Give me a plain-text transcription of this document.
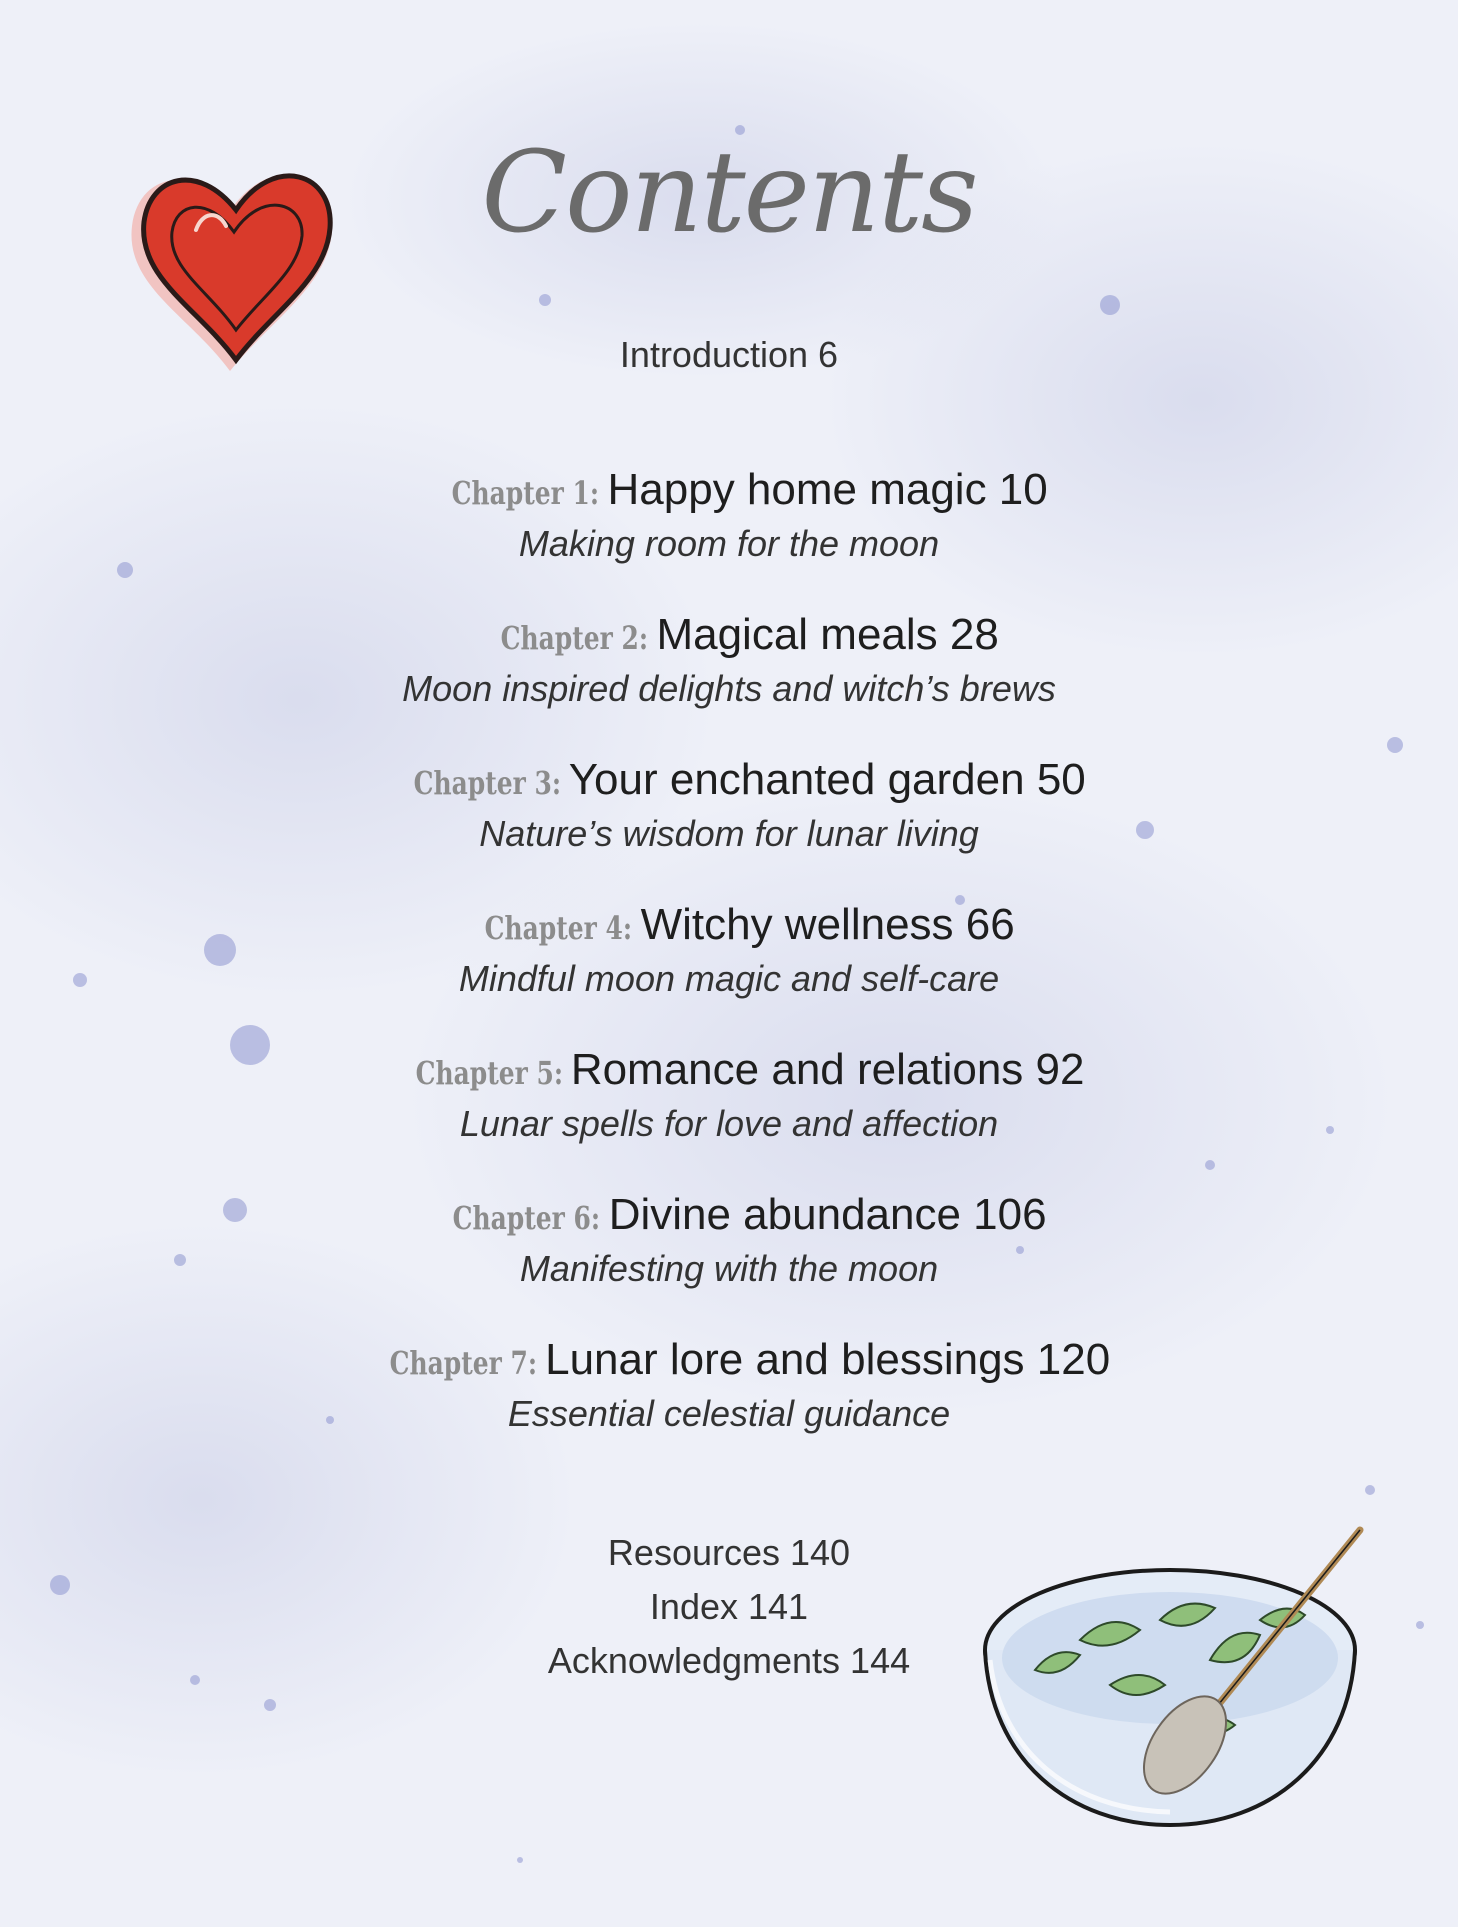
Contents
Introduction 6
Chapter 1: Happy home magic 10
Making room for the moon
Chapter 2: Magical meals 28
Moon inspired delights and witch’s brews
Chapter 3: Your enchanted garden 50
Nature’s wisdom for lunar living
Chapter 4: Witchy wellness 66
Mindful moon magic and self-care
Chapter 5: Romance and relations 92
Lunar spells for love and affection
Chapter 6: Divine abundance 106
Manifesting with the moon
Chapter 7: Lunar lore and blessings 120
Essential celestial guidance
Resources 140
Index 141
Acknowledgments 144
